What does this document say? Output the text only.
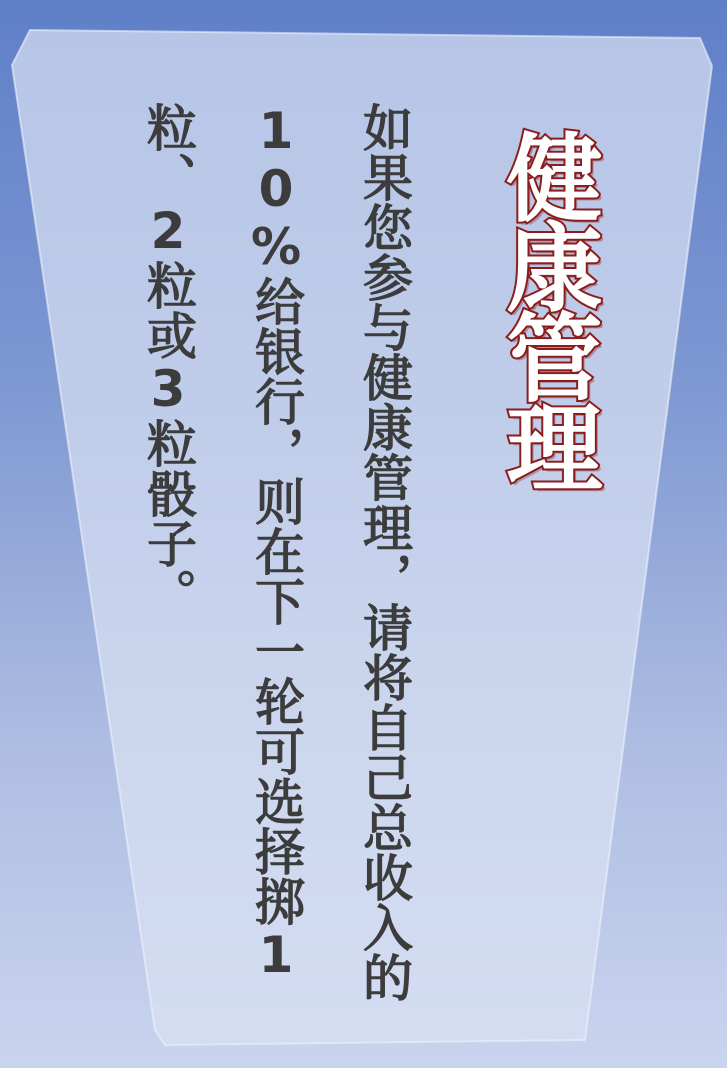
健康管理
如果您参与健康管理，请将自己总收入的10%给银行，则在下一轮可选择掷1粒、2粒或3粒骰子。
